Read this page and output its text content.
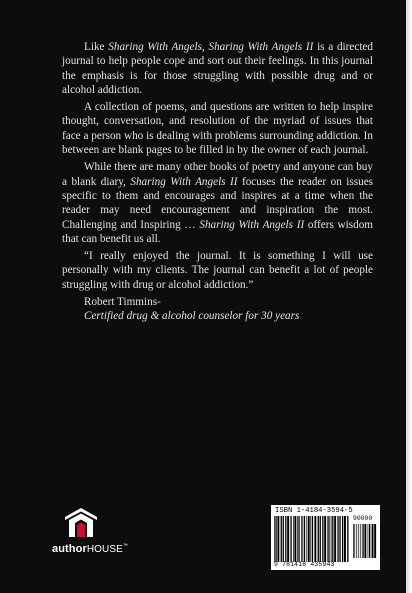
Like Sharing With Angels, Sharing With Angels II is a directed journal to help people cope and sort out their feelings. In this journal the emphasis is for those struggling with possible drug and or alcohol addiction.

A collection of poems, and questions are written to help inspire thought, conversation, and resolution of the myriad of issues that face a person who is dealing with problems surrounding addiction. In between are blank pages to be filled in by the owner of each journal.

While there are many other books of poetry and anyone can buy a blank diary, Sharing With Angels II focuses the reader on issues specific to them and encourages and inspires at a time when the reader may need encouragement and inspiration the most. Challenging and Inspiring … Sharing With Angels II offers wisdom that can benefit us all.

“I really enjoyed the journal. It is something I will use personally with my clients. The journal can benefit a lot of people struggling with drug or alcohol addiction.”

Robert Timmins-

Certified drug & alcohol counselor for 30 years

authorHOUSE™
ISBN 1-4184-3594-5
90000
9 781418 435943
